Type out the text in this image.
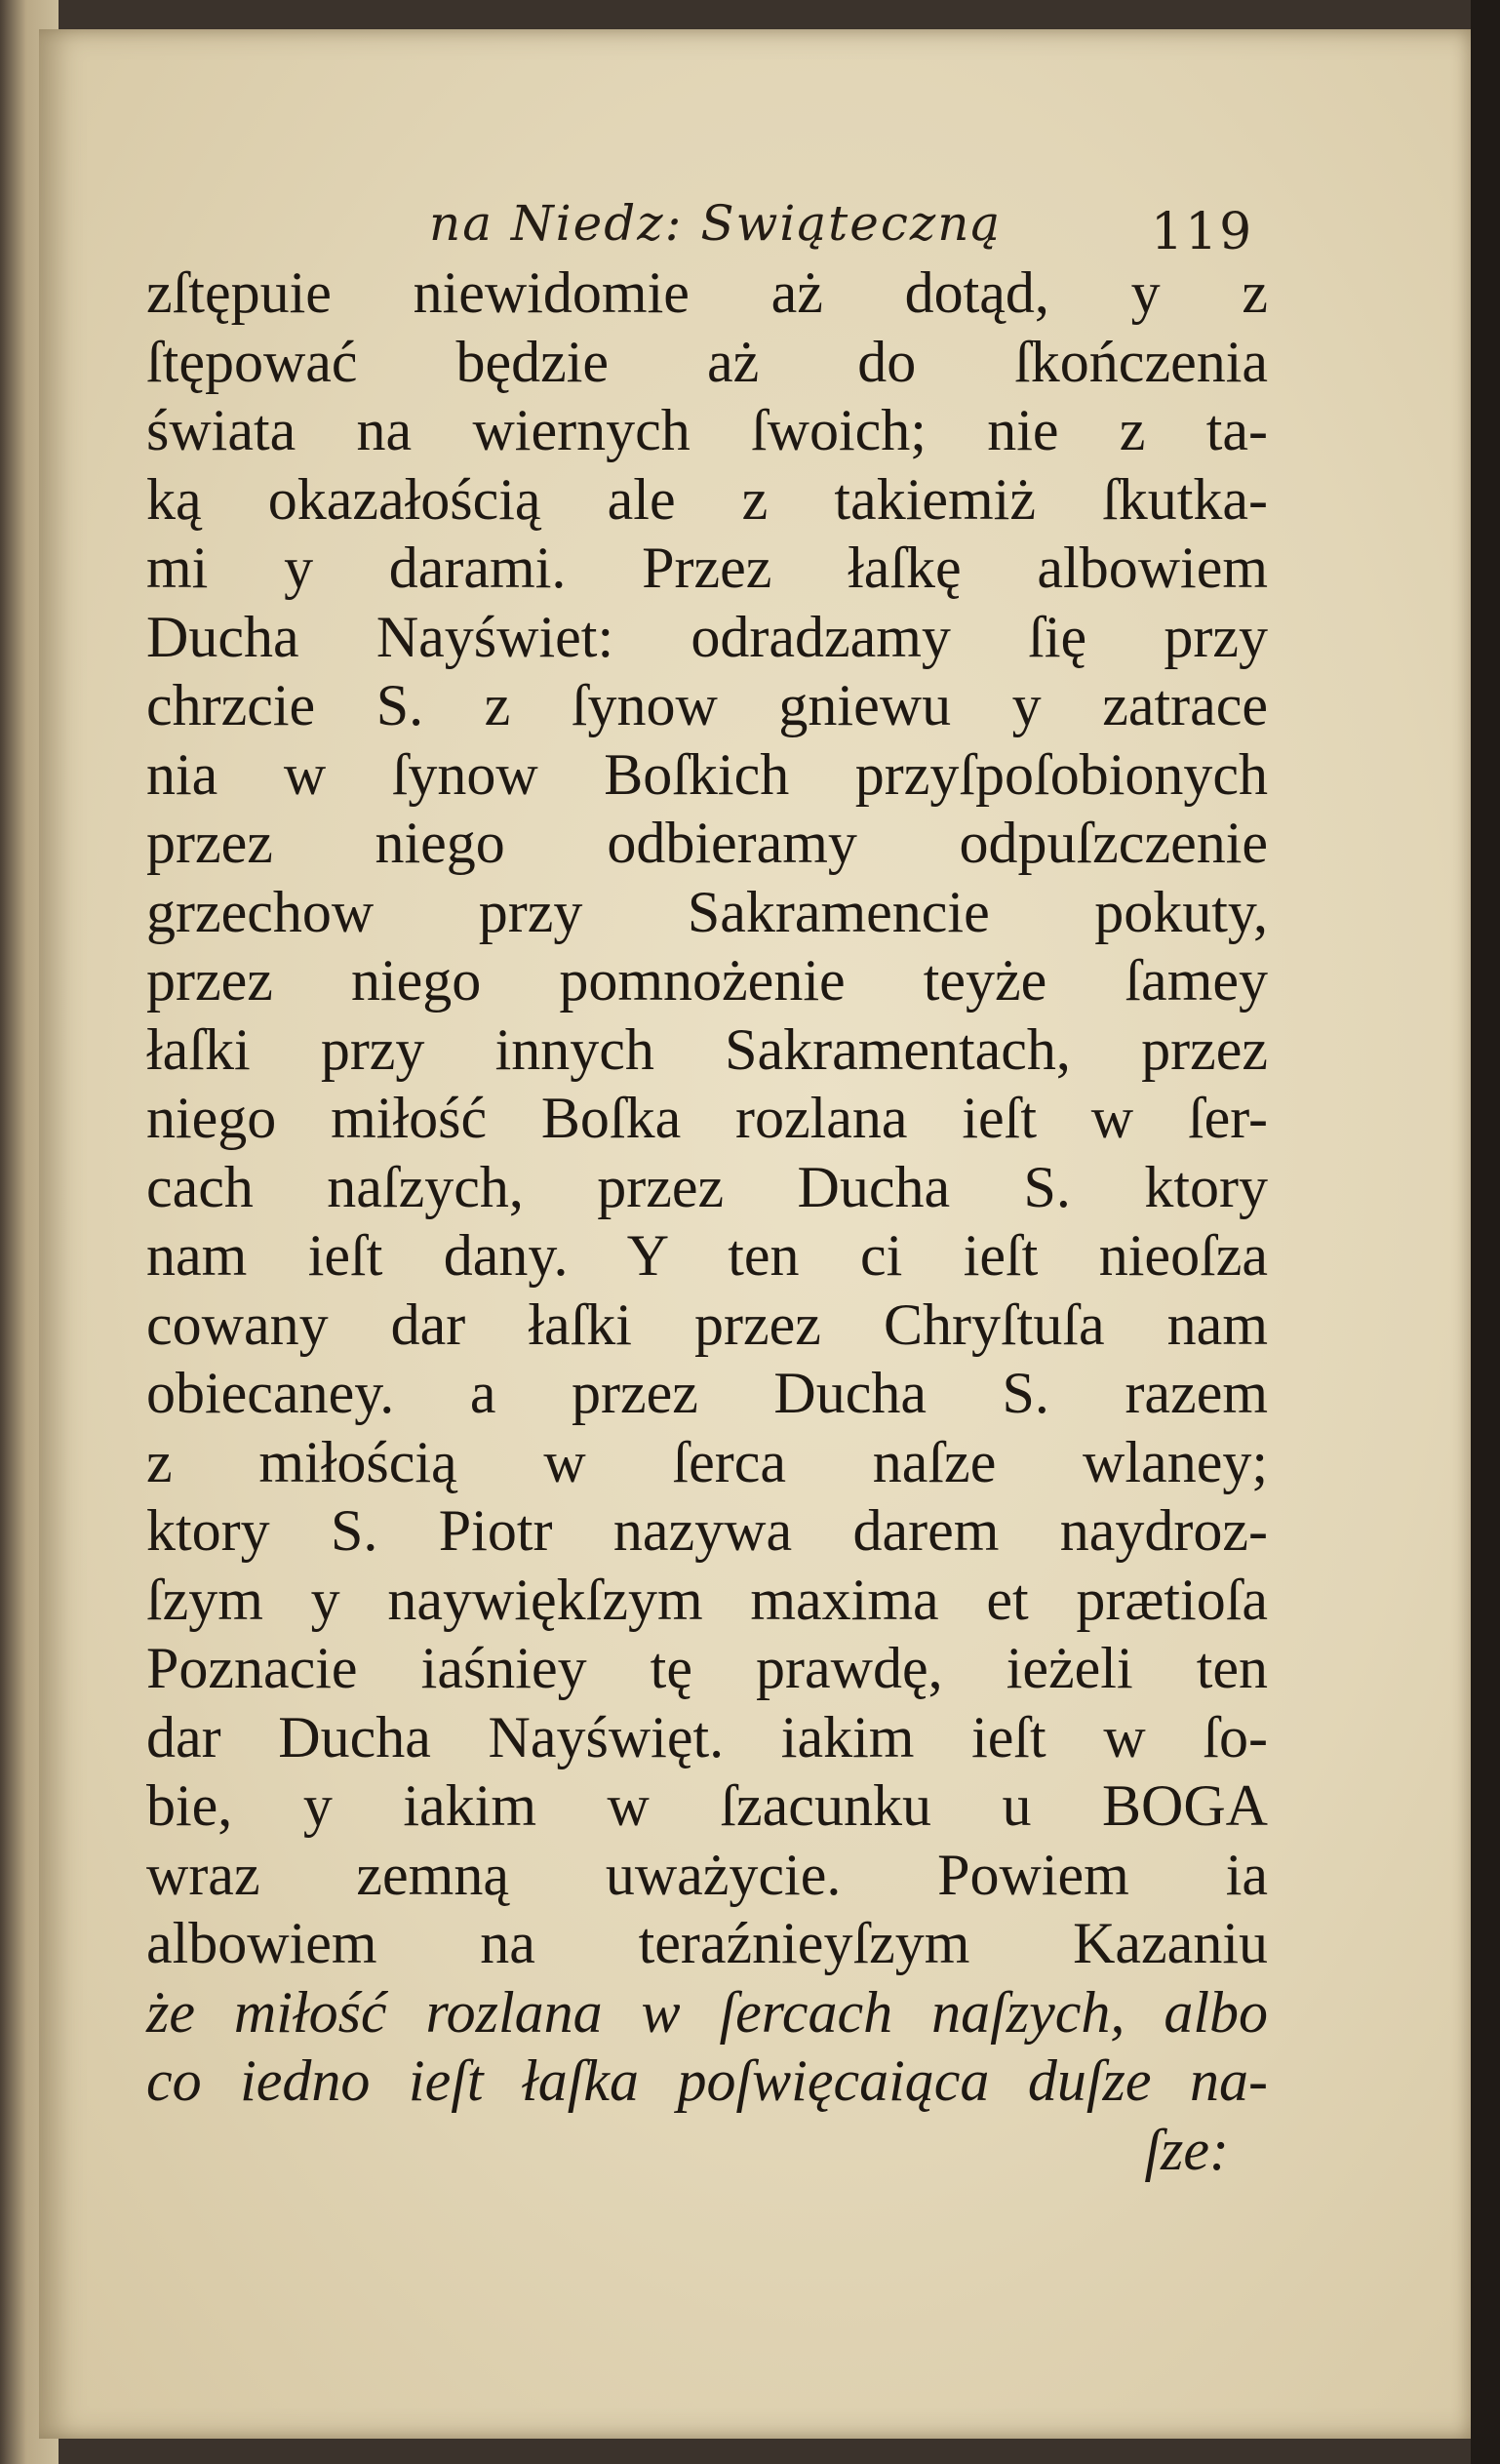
na Niedz: Swiąteczną	119
zſtępuie niewidomie aż dotąd, y z
ſtępować będzie aż do ſkończenia
świata na wiernych ſwoich; nie z ta-
ką okazałością ale z takiemiż ſkutka-
mi y darami. Przez łaſkę albowiem
Ducha Nayświet: odradzamy ſię przy
chrzcie S. z ſynow gniewu y zatrace
nia w ſynow Boſkich przyſpoſobionych
przez niego odbieramy odpuſzczenie
grzechow przy Sakramencie pokuty,
przez niego pomnożenie teyże ſamey
łaſki przy innych Sakramentach, przez
niego miłość Boſka rozlana ieſt w ſer-
cach naſzych, przez Ducha S. ktory
nam ieſt dany. Y ten ci ieſt nieoſza
cowany dar łaſki przez Chryſtuſa nam
obiecaney. a przez Ducha S. razem
z miłością w ſerca naſze wlaney;
ktory S. Piotr nazywa darem naydroz-
ſzym y naywiękſzym maxima et prætioſa
Poznacie iaśniey tę prawdę, ieżeli ten
dar Ducha Nayświęt. iakim ieſt w ſo-
bie, y iakim w ſzacunku u BOGA
wraz zemną uważycie. Powiem ia
albowiem na teraźnieyſzym Kazaniu
że miłość rozlana w ſercach naſzych, albo
co iedno ieſt łaſka poſwięcaiąca duſze na-
ſze:
